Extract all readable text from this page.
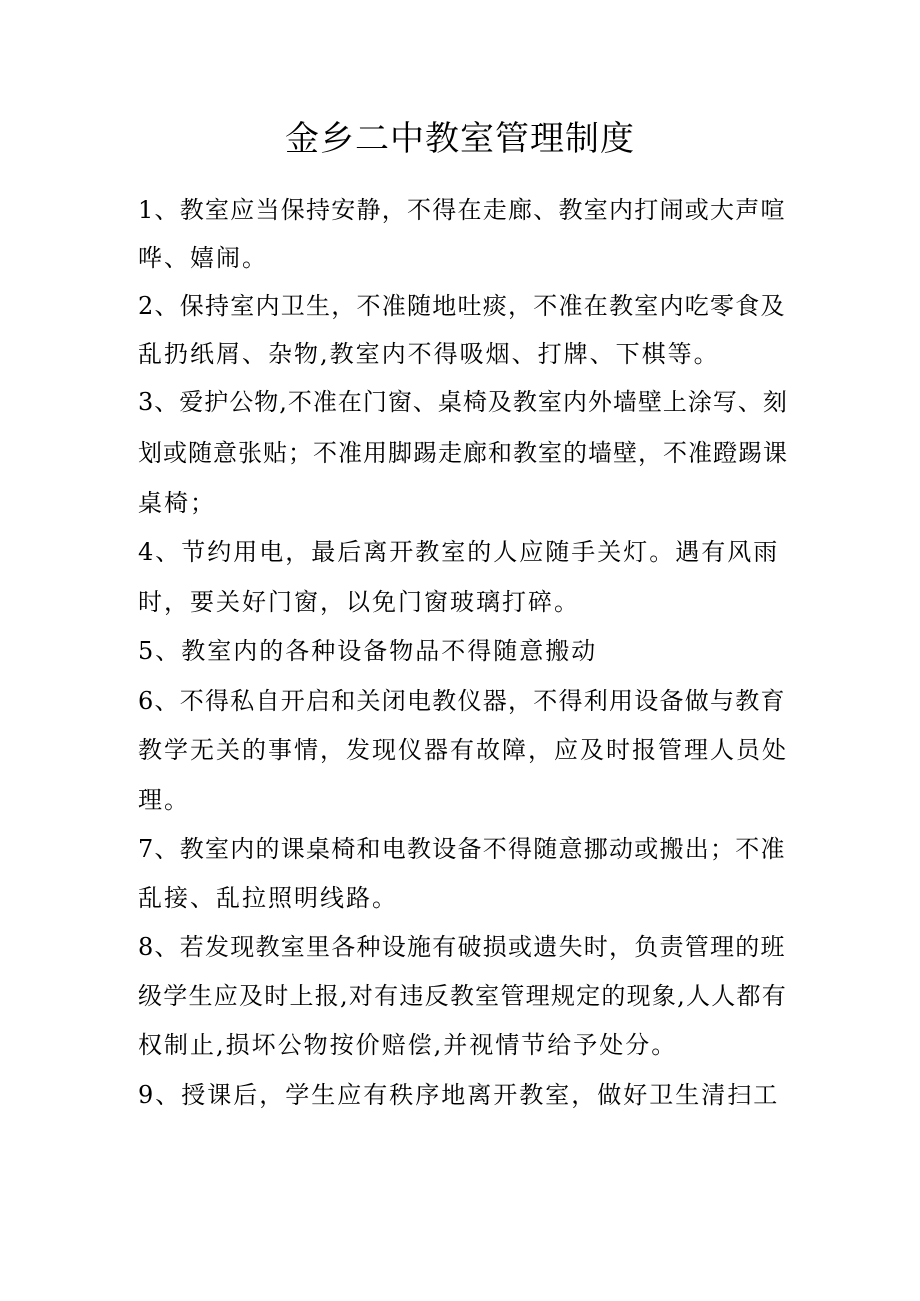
金乡二中教室管理制度
1、教室应当保持安静，不得在走廊、教室内打闹或大声喧
哗、嬉闹。
2、保持室内卫生，不准随地吐痰，不准在教室内吃零食及
乱扔纸屑、杂物,教室内不得吸烟、打牌、下棋等。
3、爱护公物,不准在门窗、桌椅及教室内外墙壁上涂写、刻
划或随意张贴；不准用脚踢走廊和教室的墙壁，不准蹬踢课
桌椅；
4、节约用电，最后离开教室的人应随手关灯。遇有风雨
时，要关好门窗，以免门窗玻璃打碎。
5、教室内的各种设备物品不得随意搬动
6、不得私自开启和关闭电教仪器，不得利用设备做与教育
教学无关的事情，发现仪器有故障，应及时报管理人员处
理。
7、教室内的课桌椅和电教设备不得随意挪动或搬出；不准
乱接、乱拉照明线路。
8、若发现教室里各种设施有破损或遗失时，负责管理的班
级学生应及时上报,对有违反教室管理规定的现象,人人都有
权制止,损坏公物按价赔偿,并视情节给予处分。
9、授课后，学生应有秩序地离开教室，做好卫生清扫工
